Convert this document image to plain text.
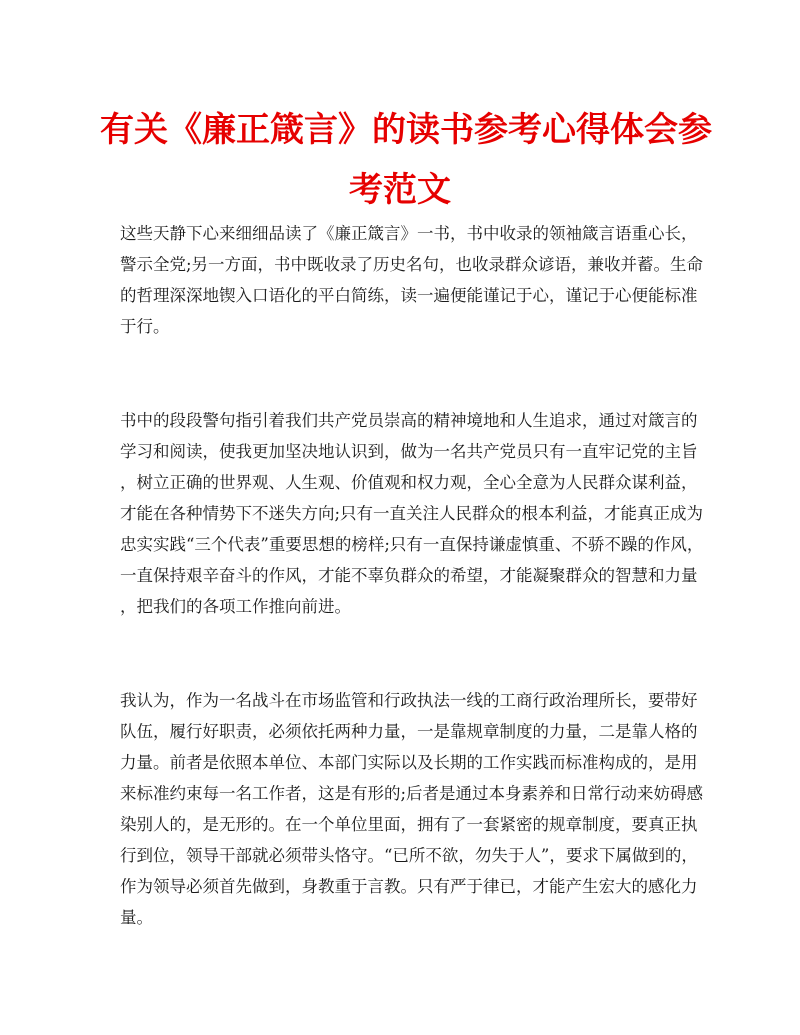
有关《廉正箴言》的读书参考心得体会参
考范文
这些天静下心来细细品读了《廉正箴言》一书，书中收录的领袖箴言语重心长，
警示全党;另一方面，书中既收录了历史名句，也收录群众谚语，兼收并蓄。生命
的哲理深深地锲入口语化的平白简练，读一遍便能谨记于心，谨记于心便能标准
于行。
书中的段段警句指引着我们共产党员崇高的精神境地和人生追求，通过对箴言的
学习和阅读，使我更加坚决地认识到，做为一名共产党员只有一直牢记党的主旨
，树立正确的世界观、人生观、价值观和权力观，全心全意为人民群众谋利益，
才能在各种情势下不迷失方向;只有一直关注人民群众的根本利益，才能真正成为
忠实实践“三个代表”重要思想的榜样;只有一直保持谦虚慎重、不骄不躁的作风，
一直保持艰辛奋斗的作风，才能不辜负群众的希望，才能凝聚群众的智慧和力量
，把我们的各项工作推向前进。
我认为，作为一名战斗在市场监管和行政执法一线的工商行政治理所长，要带好
队伍，履行好职责，必须依托两种力量，一是靠规章制度的力量，二是靠人格的
力量。前者是依照本单位、本部门实际以及长期的工作实践而标准构成的，是用
来标准约束每一名工作者，这是有形的;后者是通过本身素养和日常行动来妨碍感
染别人的，是无形的。在一个单位里面，拥有了一套紧密的规章制度，要真正执
行到位，领导干部就必须带头恪守。“已所不欲，勿失于人”，要求下属做到的，
作为领导必须首先做到，身教重于言教。只有严于律已，才能产生宏大的感化力
量。
